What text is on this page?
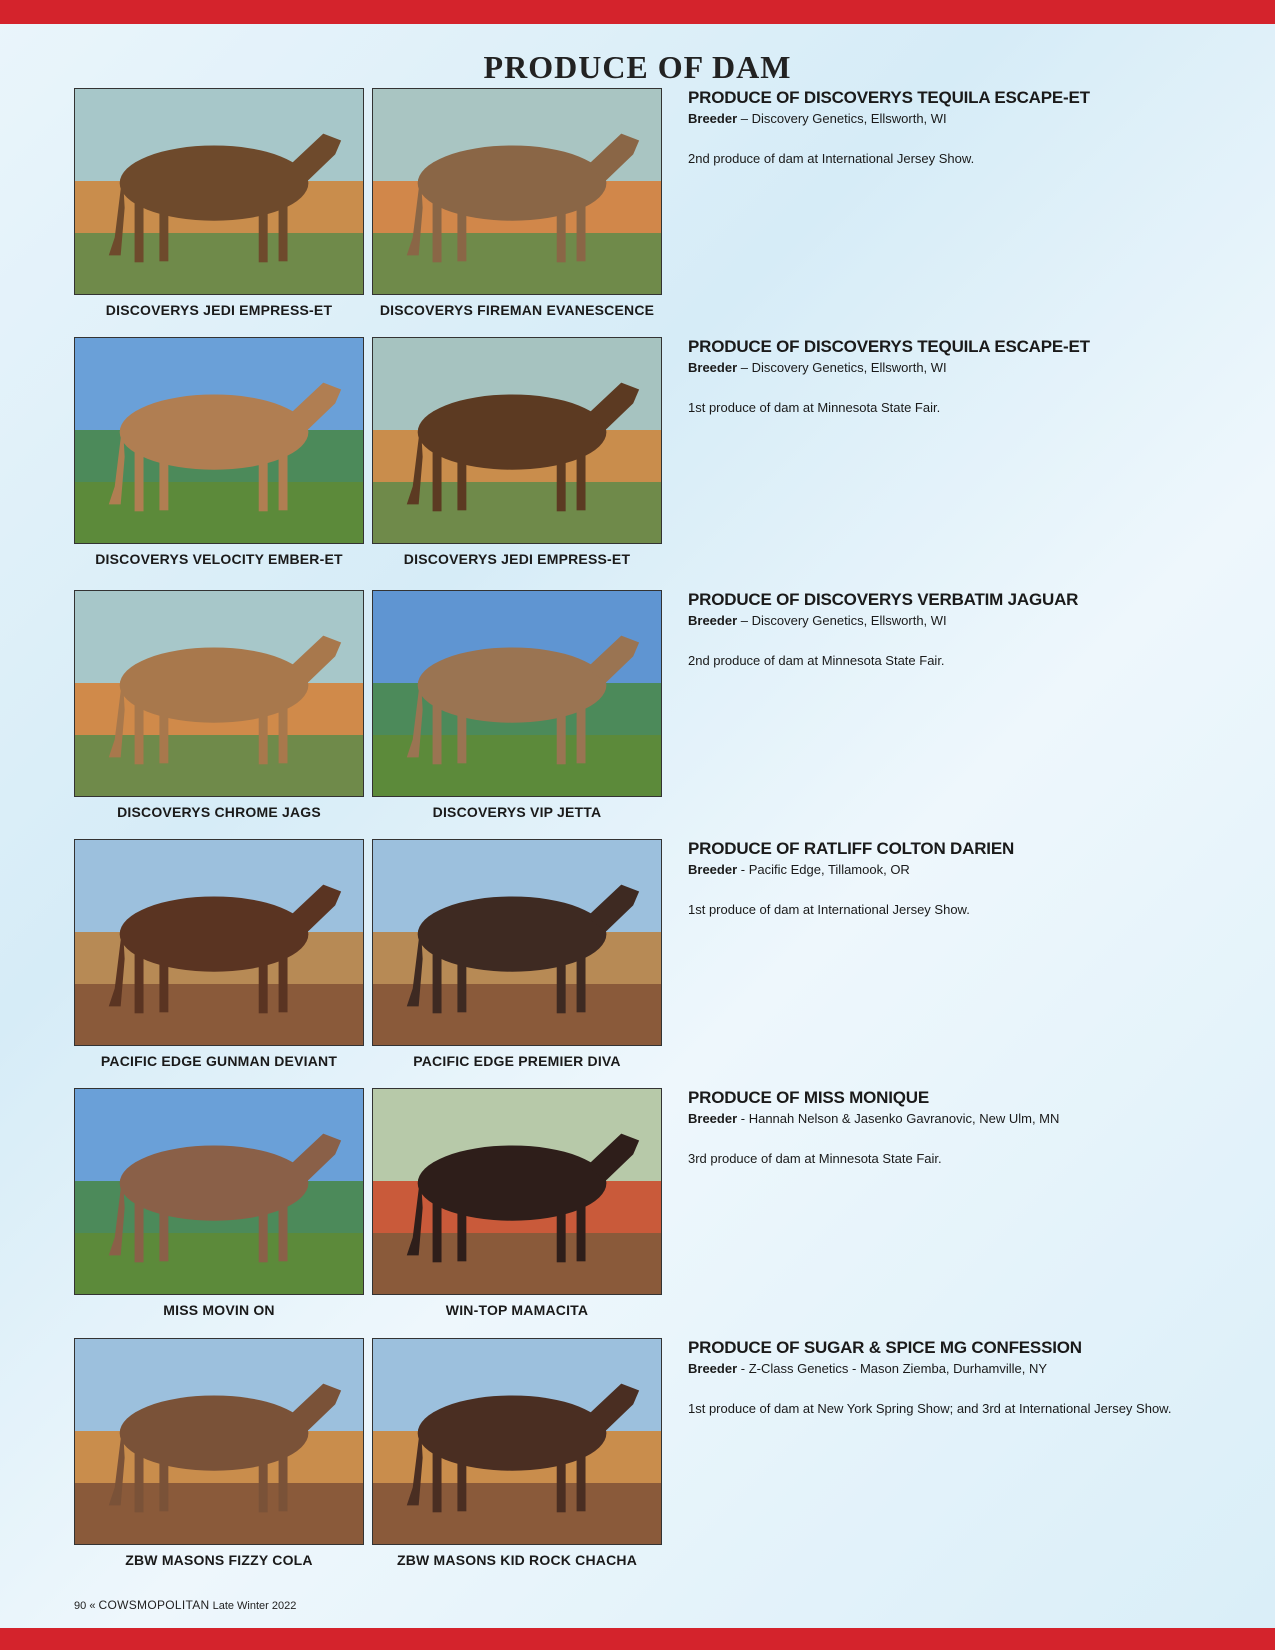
PRODUCE OF DAM
DISCOVERYS JEDI EMPRESS-ET	DISCOVERYS FIREMAN EVANESCENCE
PRODUCE OF DISCOVERYS TEQUILA ESCAPE-ET
Breeder – Discovery Genetics, Ellsworth, WI
2nd produce of dam at International Jersey Show.
DISCOVERYS VELOCITY EMBER-ET	DISCOVERYS JEDI EMPRESS-ET
PRODUCE OF DISCOVERYS TEQUILA ESCAPE-ET
Breeder – Discovery Genetics, Ellsworth, WI
1st produce of dam at Minnesota State Fair.
DISCOVERYS CHROME JAGS	DISCOVERYS VIP JETTA
PRODUCE OF DISCOVERYS VERBATIM JAGUAR
Breeder – Discovery Genetics, Ellsworth, WI
2nd produce of dam at Minnesota State Fair.
PACIFIC EDGE GUNMAN DEVIANT	PACIFIC EDGE PREMIER DIVA
PRODUCE OF RATLIFF COLTON DARIEN
Breeder - Pacific Edge, Tillamook, OR
1st produce of dam at International Jersey Show.
MISS MOVIN ON	WIN-TOP MAMACITA
PRODUCE OF MISS MONIQUE
Breeder - Hannah Nelson & Jasenko Gavranovic, New Ulm, MN
3rd produce of dam at Minnesota State Fair.
ZBW MASONS FIZZY COLA	ZBW MASONS KID ROCK CHACHA
PRODUCE OF SUGAR & SPICE MG CONFESSION
Breeder - Z-Class Genetics - Mason Ziemba, Durhamville, NY
1st produce of dam at New York Spring Show; and 3rd at International Jersey Show.
90 « COWSMOPOLITAN Late Winter 2022
